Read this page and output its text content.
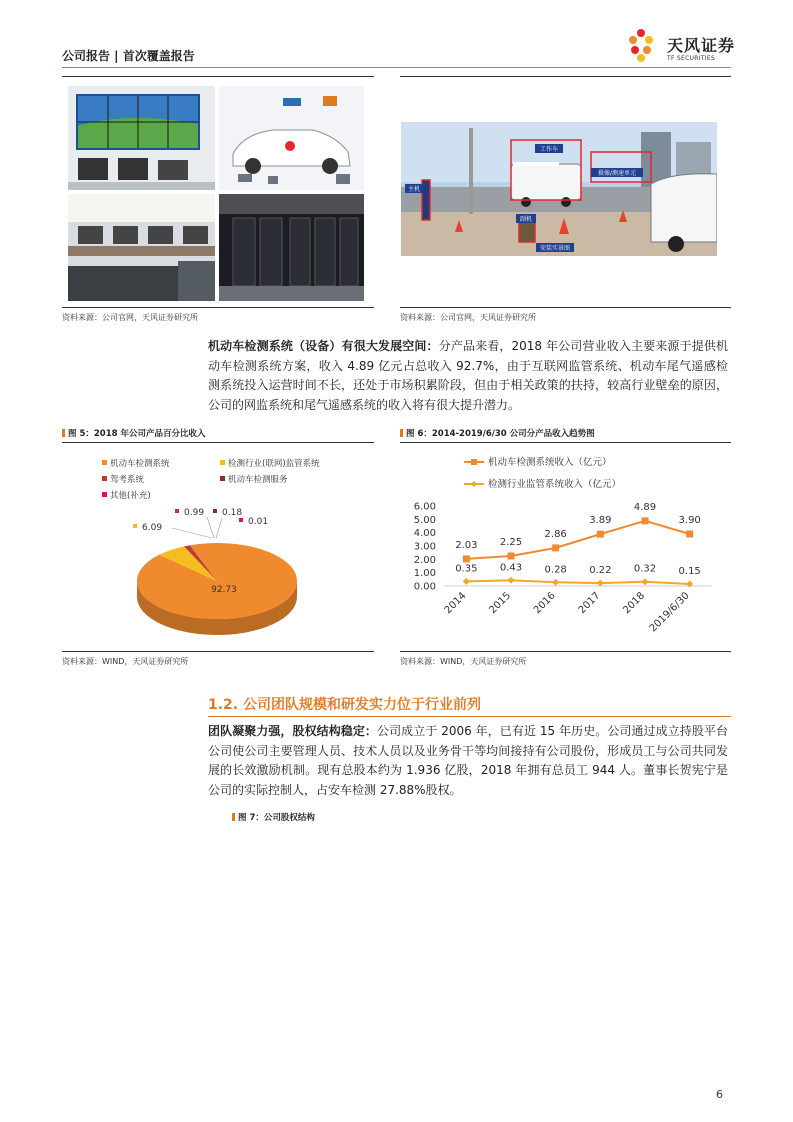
公司报告 | 首次覆盖报告
天风证券
TF SECURITIES
资料来源：公司官网，天风证券研究所
工作车
主机
摄像/测速单元
副机
安装实景图
资料来源：公司官网，天风证券研究所
机动车检测系统（设备）有很大发展空间：分产品来看，2018 年公司营业收入主要来源于提供机动车检测系统方案，收入 4.89 亿元占总收入 92.7%，由于互联网监管系统、机动车尾气遥感检测系统投入运营时间不长，还处于市场积累阶段，但由于相关政策的扶持，较高行业壁垒的原因，公司的网监系统和尾气遥感系统的收入将有很大提升潜力。
图 5：2018 年公司产品百分比收入
机动车检测系统	检测行业(联网)监管系统
驾考系统	机动车检测服务
其他(补充)
92.73
6.09
0.99 0.18
0.01
资料来源：WIND，天风证券研究所
图 6：2014-2019/6/30 公司分产品收入趋势图
机动车检测系统收入（亿元）
检测行业监管系统收入（亿元）
0.00
1.00
2.00
3.00
4.00
5.00
6.00
2014 2015 2016 2017 2018 2019/6/30
2.03 2.25
2.86
3.89
4.89
3.90
0.35 0.43 0.28 0.22 0.32 0.15
资料来源：WIND，天风证券研究所
1.2. 公司团队规模和研发实力位于行业前列
团队凝聚力强，股权结构稳定：公司成立于 2006 年，已有近 15 年历史。公司通过成立持股平台公司使公司主要管理人员、技术人员以及业务骨干等均间接持有公司股份，形成员工与公司共同发展的长效激励机制。现有总股本约为 1.936 亿股，2018 年拥有总员工 944 人。董事长贺宪宁是公司的实际控制人，占安车检测 27.88%股权。
图 7：公司股权结构
6
